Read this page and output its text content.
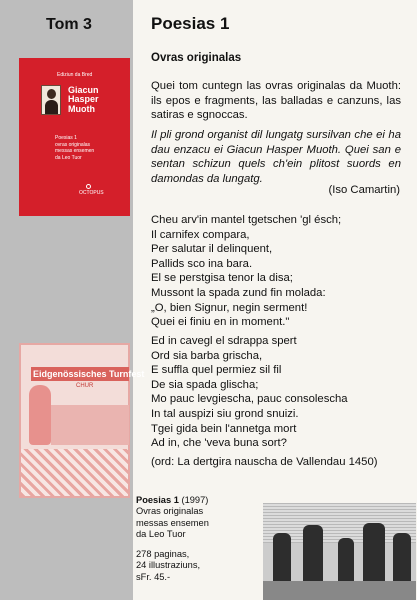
Tom 3	Poesias 1
Ediziun da Bred
Giacun
Hasper
Muoth
Poesias 1
ovras originalas
messas ensemen
da Leo Tuor
OCTOPUS
Eidgenössisches Turnfest
CHUR
Ovras originalas
Quei tom cuntegn las ovras originalas da Muoth: ils epos e fragments, las balladas e canzuns, las satiras e sgnoccas.
Il pli grond organist dil lungatg sursilvan che ei ha dau enzacu ei Giacun Hasper Muoth. Quei san e sentan schizun quels ch'ein plitost suords en damondas da lungatg.
(Iso Camartin)
Cheu arv'in mantel tgetschen 'gl ésch;
Il carnifex compara,
Per salutar il delinquent,
Pallids sco ina bara.
El se perstgisa tenor la disa;
Mussont la spada zund fin molada:
„O, bien Signur, negin serment!
Quei ei finiu en in moment."
Ed in cavegl el sdrappa spert
Ord sia barba grischa,
E suffla quel permiez sil fil
De sia spada glischa;
Mo pauc levgiescha, pauc consolescha
In tal auspizi siu grond snuizi.
Tgei gida bein l'annetga mort
Ad in, che 'veva buna sort?
(ord: La dertgira nauscha de Vallendau 1450)
Poesias 1 (1997)
Ovras originalas
messas ensemen
da Leo Tuor
278 paginas,
24 illustraziuns,
sFr. 45.-
